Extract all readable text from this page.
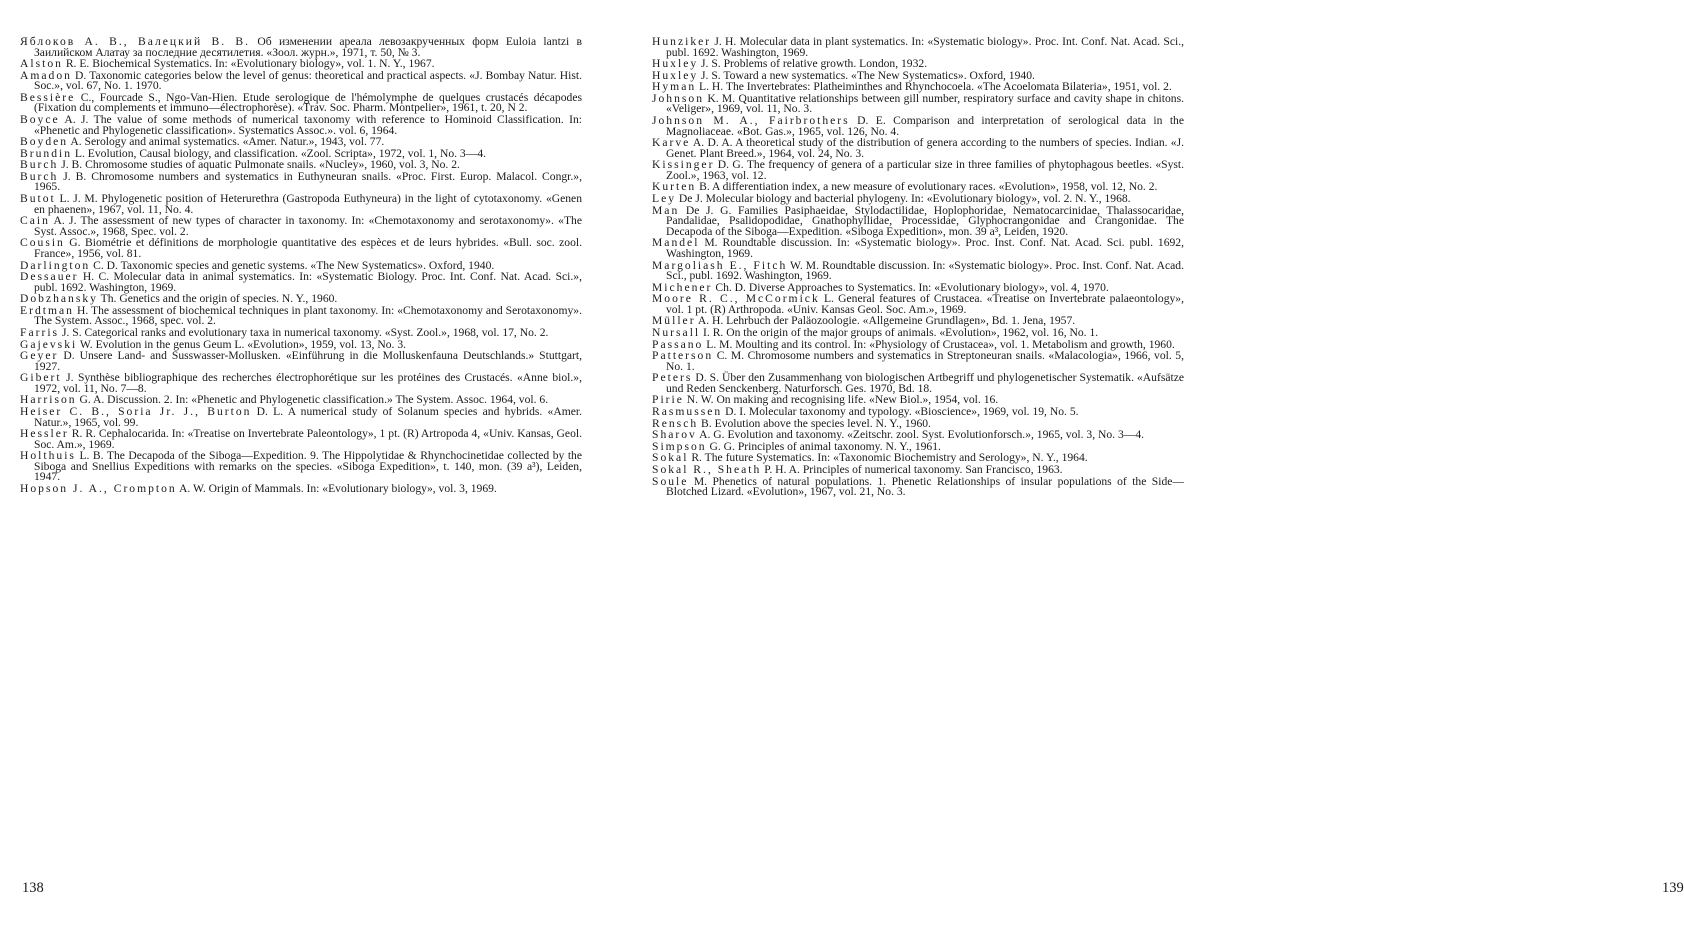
Яблоков А. В., Валецкий В. В. Об изменении ареала левозакрученных форм Euloia lantzi в Заилийском Алатау за последние десятилетия. «Зоол. журн.», 1971, т. 50, № 3.
Alston R. E. Biochemical Systematics. In: «Evolutionary biology», vol. 1. N. Y., 1967.
Amadon D. Taxonomic categories below the level of genus: theoretical and practical aspects. «J. Bombay Natur. Hist. Soc.», vol. 67, No. 1. 1970.
Bessière C., Fourcade S., Ngo-Van-Hien. Etude serologique de l'hémolymphe de quelques crustacés décapodes (Fixation du complements et immuno—électrophorèse). «Trav. Soc. Pharm. Montpelier», 1961, t. 20, N 2.
Boyce A. J. The value of some methods of numerical taxonomy with reference to Hominoid Classification. In: «Phenetic and Phylogenetic classification». Systematics Assoc.». vol. 6, 1964.
Boyden A. Serology and animal systematics. «Amer. Natur.», 1943, vol. 77.
Brundin L. Evolution, Causal biology, and classification. «Zool. Scripta», 1972, vol. 1, No. 3—4.
Burch J. B. Chromosome studies of aquatic Pulmonate snails. «Nucley», 1960, vol. 3, No. 2.
Burch J. B. Chromosome numbers and systematics in Euthyneuran snails. «Proc. First. Europ. Malacol. Congr.», 1965.
Butot L. J. M. Phylogenetic position of Heterurethra (Gastropoda Euthyneura) in the light of cytotaxonomy. «Genen en phaenen», 1967, vol. 11, No. 4.
Cain A. J. The assessment of new types of character in taxonomy. In: «Chemotaxonomy and serotaxonomy». «The Syst. Assoc.», 1968, Spec. vol. 2.
Cousin G. Biométrie et définitions de morphologie quantitative des espèces et de leurs hybrides. «Bull. soc. zool. France», 1956, vol. 81.
Darlington C. D. Taxonomic species and genetic systems. «The New Systematics». Oxford, 1940.
Dessauer H. C. Molecular data in animal systematics. In: «Systematic Biology. Proc. Int. Conf. Nat. Acad. Sci.», publ. 1692. Washington, 1969.
Dobzhansky Th. Genetics and the origin of species. N. Y., 1960.
Erdtman H. The assessment of biochemical techniques in plant taxonomy. In: «Chemotaxonomy and Serotaxonomy». The System. Assoc., 1968, spec. vol. 2.
Farris J. S. Categorical ranks and evolutionary taxa in numerical taxonomy. «Syst. Zool.», 1968, vol. 17, No. 2.
Gajevski W. Evolution in the genus Geum L. «Evolution», 1959, vol. 13, No. 3.
Geyer D. Unsere Land- and Susswasser-Mollusken. «Einführung in die Molluskenfauna Deutschlands.» Stuttgart, 1927.
Gibert J. Synthèse bibliographique des recherches électrophorétique sur les protéines des Crustacés. «Anne biol.», 1972, vol. 11, No. 7—8.
Harrison G. A. Discussion. 2. In: «Phenetic and Phylogenetic classification.» The System. Assoc. 1964, vol. 6.
Heiser C. B., Soria Jr. J., Burton D. L. A numerical study of Solanum species and hybrids. «Amer. Natur.», 1965, vol. 99.
Hessler R. R. Cephalocarida. In: «Treatise on Invertebrate Paleontology», 1 pt. (R) Artropoda 4, «Univ. Kansas, Geol. Soc. Am.», 1969.
Holthuis L. B. The Decapoda of the Siboga—Expedition. 9. The Hippolytidae & Rhynchocinetidae collected by the Siboga and Snellius Expeditions with remarks on the species. «Siboga Expedition», t. 140, mon. (39 a³), Leiden, 1947.
Hopson J. A., Crompton A. W. Origin of Mammals. In: «Evolutionary biology», vol. 3, 1969.
138
Hunziker J. H. Molecular data in plant systematics. In: «Systematic biology». Proc. Int. Conf. Nat. Acad. Sci., publ. 1692. Washington, 1969.
Huxley J. S. Problems of relative growth. London, 1932.
Huxley J. S. Toward a new systematics. «The New Systematics». Oxford, 1940.
Hyman L. H. The Invertebrates: Platheiminthes and Rhynchocoela. «The Acoelomata Bilateria», 1951, vol. 2.
Johnson K. M. Quantitative relationships between gill number, respiratory surface and cavity shape in chitons. «Veliger», 1969, vol. 11, No. 3.
Johnson M. A., Fairbrothers D. E. Comparison and interpretation of serological data in the Magnoliaceae. «Bot. Gas.», 1965, vol. 126, No. 4.
Karve A. D. A. A theoretical study of the distribution of genera according to the numbers of species. Indian. «J. Genet. Plant Breed.», 1964, vol. 24, No. 3.
Kissinger D. G. The frequency of genera of a particular size in three families of phytophagous beetles. «Syst. Zool.», 1963, vol. 12.
Kurten B. A differentiation index, a new measure of evolutionary races. «Evolution», 1958, vol. 12, No. 2.
Ley De J. Molecular biology and bacterial phylogeny. In: «Evolutionary biology», vol. 2. N. Y., 1968.
Man De J. G. Families Pasiphaeidae, Stylodactilidae, Hoplophoridae, Nematocarcinidae, Thalassocaridae, Pandalidae, Psalidopodidae, Gnathophyllidae, Processidae, Glyphocrangonidae and Crangonidae. The Decapoda of the Siboga—Expedition. «Siboga Expedition», mon. 39 a³, Leiden, 1920.
Mandel M. Roundtable discussion. In: «Systematic biology». Proc. Inst. Conf. Nat. Acad. Sci. publ. 1692, Washington, 1969.
Margoliash E., Fitch W. M. Roundtable discussion. In: «Systematic biology». Proc. Inst. Conf. Nat. Acad. Sci., publ. 1692. Washington, 1969.
Michener Ch. D. Diverse Approaches to Systematics. In: «Evolutionary biology», vol. 4, 1970.
Moore R. C., McCormick L. General features of Crustacea. «Treatise on Invertebrate palaeontology», vol. 1 pt. (R) Arthropoda. «Univ. Kansas Geol. Soc. Am.», 1969.
Müller A. H. Lehrbuch der Paläozoologie. «Allgemeine Grundlagen», Bd. 1. Jena, 1957.
Nursall I. R. On the origin of the major groups of animals. «Evolution», 1962, vol. 16, No. 1.
Passano L. M. Moulting and its control. In: «Physiology of Crustacea», vol. 1. Metabolism and growth, 1960.
Patterson C. M. Chromosome numbers and systematics in Streptoneuran snails. «Malacologia», 1966, vol. 5, No. 1.
Peters D. S. Über den Zusammenhang von biologischen Artbegriff und phylogenetischer Systematik. «Aufsätze und Reden Senckenberg. Naturforsch. Ges. 1970, Bd. 18.
Pirie N. W. On making and recognising life. «New Biol.», 1954, vol. 16.
Rasmussen D. I. Molecular taxonomy and typology. «Bioscience», 1969, vol. 19, No. 5.
Rensch B. Evolution above the species level. N. Y., 1960.
Sharov A. G. Evolution and taxonomy. «Zeitschr. zool. Syst. Evolutionforsch.», 1965, vol. 3, No. 3—4.
Simpson G. G. Principles of animal taxonomy. N. Y., 1961.
Sokal R. The future Systematics. In: «Taxonomic Biochemistry and Serology», N. Y., 1964.
Sokal R., Sheath P. H. A. Principles of numerical taxonomy. San Francisco, 1963.
Soule M. Phenetics of natural populations. 1. Phenetic Relationships of insular populations of the Side—Blotched Lizard. «Evolution», 1967, vol. 21, No. 3.
139
